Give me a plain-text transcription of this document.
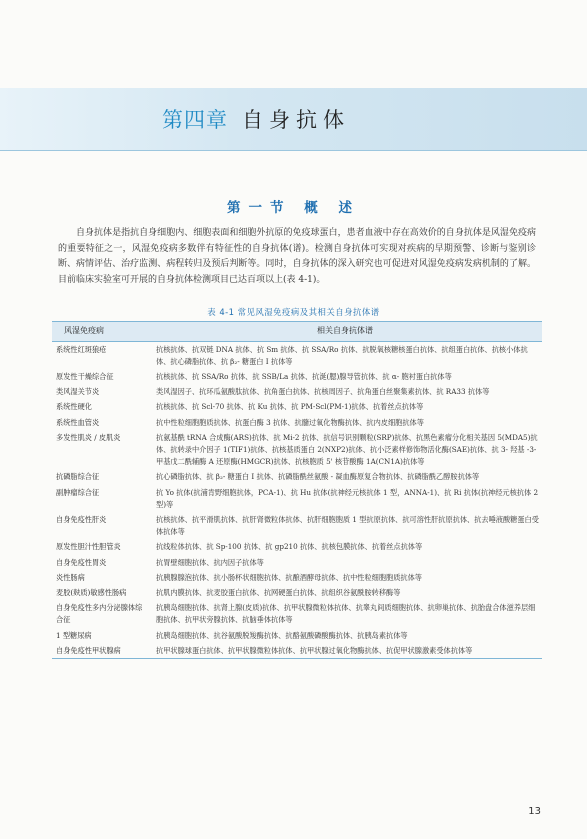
第四章 自身抗体
第一节 概 述

自身抗体是指抗自身细胞内、细胞表面和细胞外抗原的免疫球蛋白，患者血液中存在高效价的自身抗体是风湿免疫病的重要特征之一，风湿免疫病多数伴有特征性的自身抗体(谱)。检测自身抗体可实现对疾病的早期预警、诊断与鉴别诊断、病情评估、治疗监测、病程转归及预后判断等。同时，自身抗体的深入研究也可促进对风湿免疫病发病机制的了解。目前临床实验室可开展的自身抗体检测项目已达百项以上(表 4-1)。

表 4-1 常见风湿免疫病及其相关自身抗体谱

风湿免疫病	相关自身抗体谱
系统性红斑狼疮	抗核抗体、抗双链 DNA 抗体、抗 Sm 抗体、抗 SSA/Ro 抗体、抗脱氧核糖核蛋白抗体、抗组蛋白抗体、抗核小体抗体、抗心磷脂抗体、抗 β₂- 糖蛋白 I 抗体等
原发性干燥综合征	抗核抗体、抗 SSA/Ro 抗体、抗 SSB/La 抗体、抗涎(腮)腺导管抗体、抗 α- 胞衬蛋白抗体等
类风湿关节炎	类风湿因子、抗环瓜氨酸肽抗体、抗角蛋白抗体、抗核周因子、抗角蛋白丝聚集素抗体、抗 RA33 抗体等
系统性硬化	抗核抗体、抗 Scl-70 抗体、抗 Ku 抗体、抗 PM-Scl(PM-1)抗体、抗着丝点抗体等
系统性血管炎	抗中性粒细胞胞质抗体、抗蛋白酶 3 抗体、抗髓过氧化物酶抗体、抗内皮细胞抗体等
多发性肌炎 / 皮肌炎	抗氨基酰 tRNA 合成酶(ARS)抗体、抗 Mi-2 抗体、抗信号识别颗粒(SRP)抗体、抗黑色素瘤分化相关基因 5(MDA5)抗体、抗转录中介因子 1(TIF1)抗体、抗核基质蛋白 2(NXP2)抗体、抗小泛素样修饰物活化酶(SAE)抗体、抗 3- 羟基 -3- 甲基戊二酰辅酶 A 还原酶(HMGCR)抗体、抗核胞质 5' 核苷酸酶 1A(CN1A)抗体等
抗磷脂综合征	抗心磷脂抗体、抗 β₂- 糖蛋白 I 抗体、抗磷脂酰丝氨酸 - 凝血酶原复合物抗体、抗磷脂酰乙醇胺抗体等
副肿瘤综合征	抗 Yo 抗体(抗浦肯野细胞抗体，PCA-1)、抗 Hu 抗体(抗神经元核抗体 1 型，ANNA-1)、抗 Ri 抗体(抗神经元核抗体 2 型)等
自身免疫性肝炎	抗核抗体、抗平滑肌抗体、抗肝肾微粒体抗体、抗肝细胞胞质 1 型抗原抗体、抗可溶性肝抗原抗体、抗去唾液酸糖蛋白受体抗体等
原发性胆汁性胆管炎	抗线粒体抗体、抗 Sp-100 抗体、抗 gp210 抗体、抗核包膜抗体、抗着丝点抗体等
自身免疫性胃炎	抗胃壁细胞抗体、抗内因子抗体等
炎性肠病	抗胰腺腺泡抗体、抗小肠杯状细胞抗体、抗酿酒酵母抗体、抗中性粒细胞胞质抗体等
麦胶(麸质)敏感性肠病	抗肌内膜抗体、抗麦胶蛋白抗体、抗网硬蛋白抗体、抗组织谷氨酰胺转移酶等
自身免疫性多内分泌腺体综合征	抗胰岛细胞抗体、抗肾上腺(皮质)抗体、抗甲状腺微粒体抗体、抗睾丸间质细胞抗体、抗卵巢抗体、抗胎盘合体滋养层细胞抗体、抗甲状旁腺抗体、抗脑垂体抗体等
1 型糖尿病	抗胰岛细胞抗体、抗谷氨酸脱羧酶抗体、抗酪氨酸磷酸酶抗体、抗胰岛素抗体等
自身免疫性甲状腺病	抗甲状腺球蛋白抗体、抗甲状腺微粒体抗体、抗甲状腺过氧化物酶抗体、抗促甲状腺激素受体抗体等

13
